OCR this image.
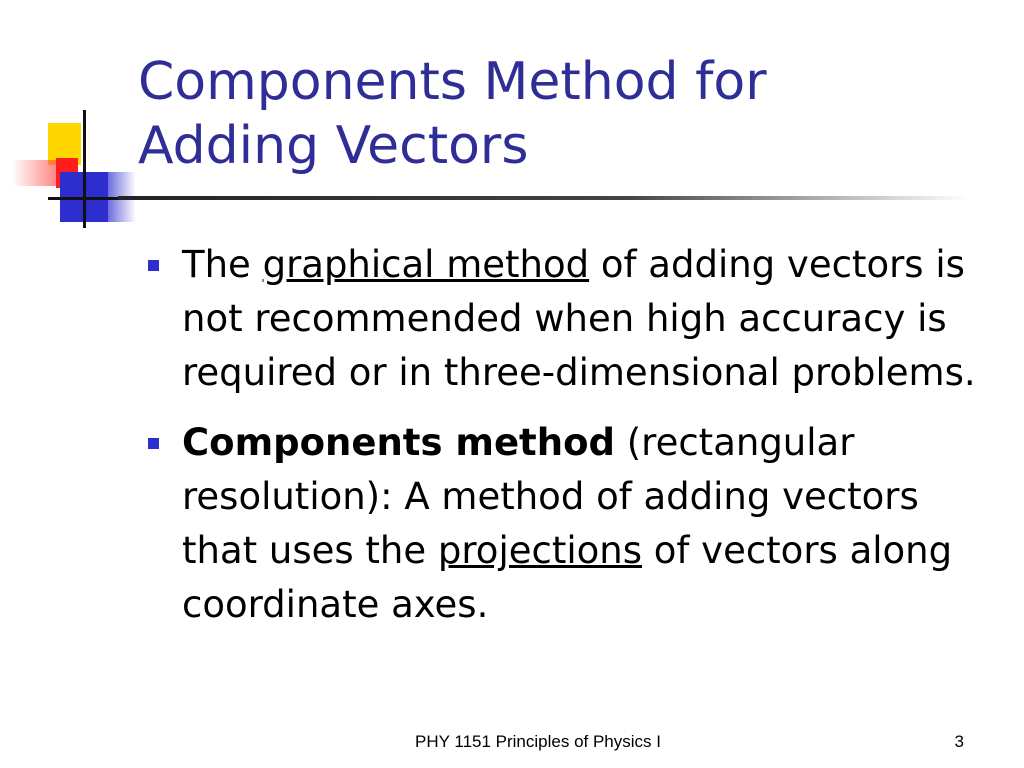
Components Method for
Adding Vectors
The graphical method of adding vectors is not recommended when high accuracy is required or in three-dimensional problems.
Components method (rectangular resolution): A method of adding vectors that uses the projections of vectors along coordinate axes.
PHY 1151 Principles of Physics I	3
